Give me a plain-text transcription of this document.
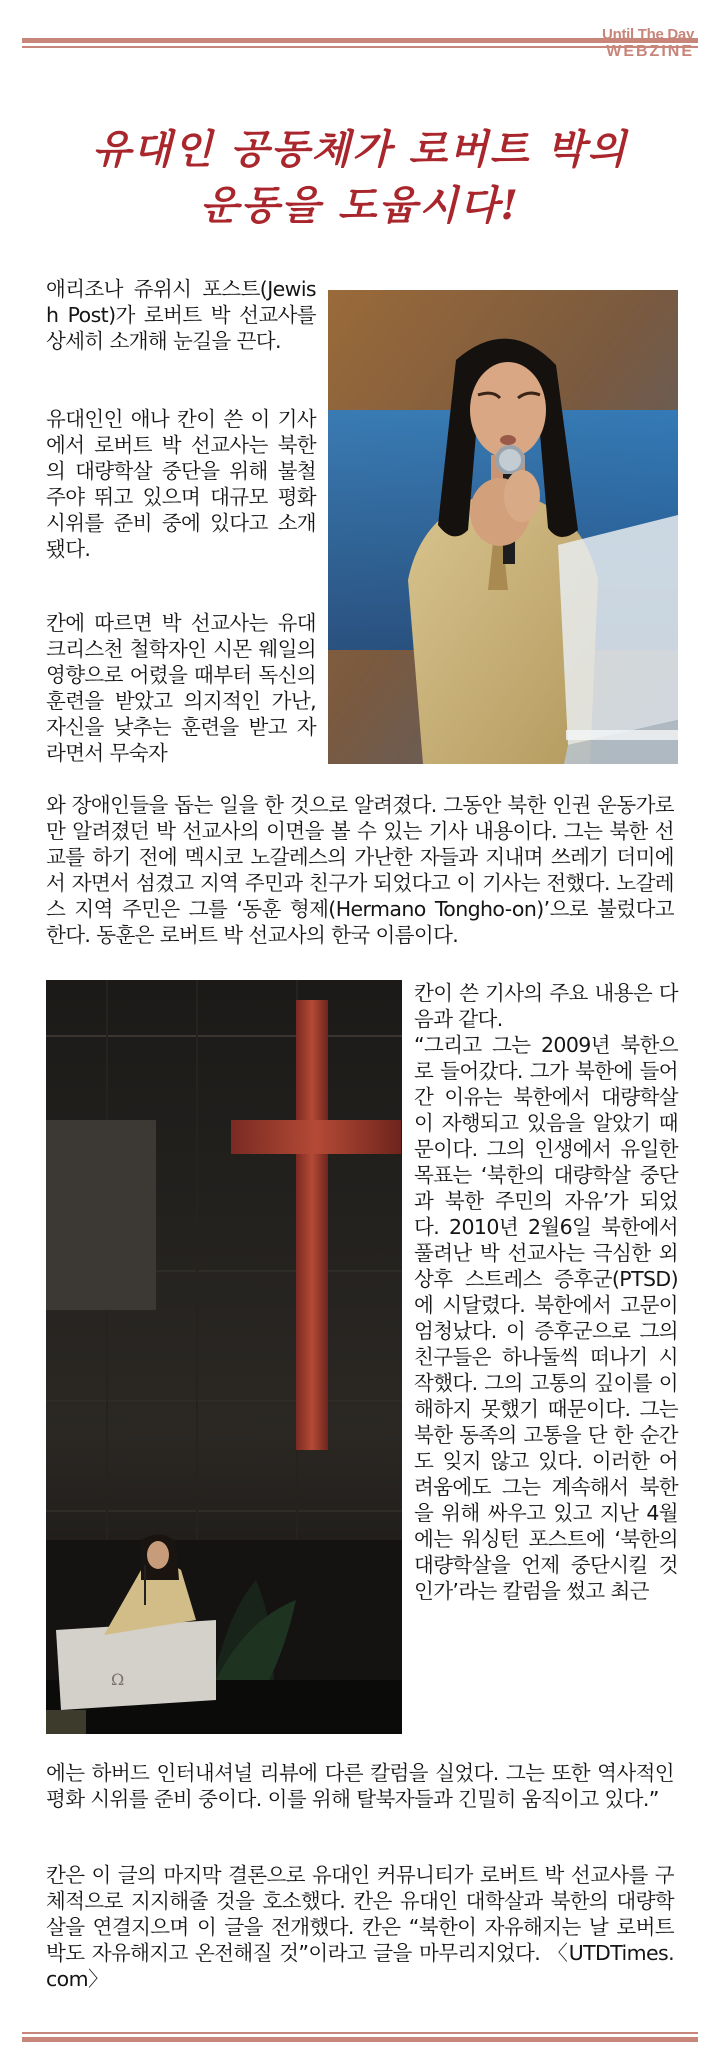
Until The Day
WEBZINE
유대인 공동체가 로버트 박의
운동을 도웁시다!

애리조나 쥬위시 포스트(Jewish Post)가 로버트 박 선교사를 상세히 소개해 눈길을 끈다.

유대인인 애나 칸이 쓴 이 기사에서 로버트 박 선교사는 북한의 대량학살 중단을 위해 불철주야 뛰고 있으며 대규모 평화시위를 준비 중에 있다고 소개됐다.

칸에 따르면 박 선교사는 유대 크리스천 철학자인 시몬 웨일의 영향으로 어렸을 때부터 독신의 훈련을 받았고 의지적인 가난, 자신을 낮추는 훈련을 받고 자라면서 무숙자

와 장애인들을 돕는 일을 한 것으로 알려졌다. 그동안 북한 인권 운동가로만 알려졌던 박 선교사의 이면을 볼 수 있는 기사 내용이다. 그는 북한 선교를 하기 전에 멕시코 노갈레스의 가난한 자들과 지내며 쓰레기 더미에서 자면서 섬겼고 지역 주민과 친구가 되었다고 이 기사는 전했다. 노갈레스 지역 주민은 그를 ‘동훈 형제(Hermano Tongho-on)’으로 불렀다고 한다. 동훈은 로버트 박 선교사의 한국 이름이다.

Ω

칸이 쓴 기사의 주요 내용은 다음과 같다.

“그리고 그는 2009년 북한으로 들어갔다. 그가 북한에 들어간 이유는 북한에서 대량학살이 자행되고 있음을 알았기 때문이다. 그의 인생에서 유일한 목표는 ‘북한의 대량학살 중단과 북한 주민의 자유’가 되었다. 2010년 2월6일 북한에서 풀려난 박 선교사는 극심한 외상후 스트레스 증후군(PTSD)에 시달렸다. 북한에서 고문이 엄청났다. 이 증후군으로 그의 친구들은 하나둘씩 떠나기 시작했다. 그의 고통의 깊이를 이해하지 못했기 때문이다. 그는 북한 동족의 고통을 단 한 순간도 잊지 않고 있다. 이러한 어려움에도 그는 계속해서 북한을 위해 싸우고 있고 지난 4월에는 워싱턴 포스트에 ‘북한의 대량학살을 언제 중단시킬 것인가’라는 칼럼을 썼고 최근

에는 하버드 인터내셔널 리뷰에 다른 칼럼을 실었다. 그는 또한 역사적인 평화 시위를 준비 중이다. 이를 위해 탈북자들과 긴밀히 움직이고 있다.”

칸은 이 글의 마지막 결론으로 유대인 커뮤니티가 로버트 박 선교사를 구체적으로 지지해줄 것을 호소했다. 칸은 유대인 대학살과 북한의 대량학살을 연결지으며 이 글을 전개했다. 칸은 “북한이 자유해지는 날 로버트 박도 자유해지고 온전해질 것”이라고 글을 마무리지었다. 〈UTDTimes.com〉
